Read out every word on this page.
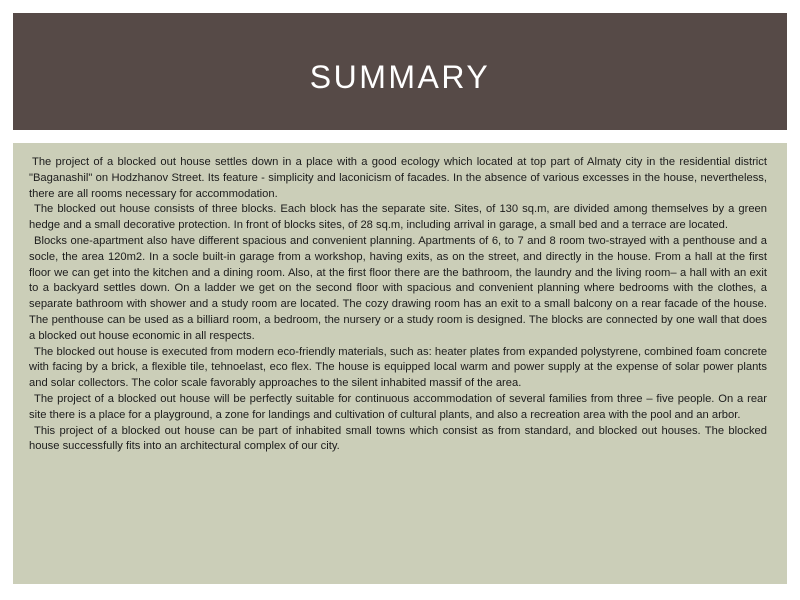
SUMMARY

The project of a blocked out house settles down in a place with a good ecology which located at top part of Almaty city in the residential district "Baganashil" on Hodzhanov Street. Its feature - simplicity and laconicism of facades. In the absence of various excesses in the house, nevertheless, there are all rooms necessary for accommodation.

The blocked out house consists of three blocks. Each block has the separate site. Sites, of 130 sq.m, are divided among themselves by a green hedge and a small decorative protection. In front of blocks sites, of 28 sq.m, including arrival in garage, a small bed and a terrace are located.

Blocks one-apartment also have different spacious and convenient planning. Apartments of 6, to 7 and 8 room two-strayed with a penthouse and a socle, the area 120m2. In a socle built-in garage from a workshop, having exits, as on the street, and directly in the house. From a hall at the first floor we can get into the kitchen and a dining room. Also, at the first floor there are the bathroom, the laundry and the living room– a hall with an exit to a backyard settles down. On a ladder we get on the second floor with spacious and convenient planning where bedrooms with the clothes, a separate bathroom with shower and a study room are located. The cozy drawing room has an exit to a small balcony on a rear facade of the house. The penthouse can be used as a billiard room, a bedroom, the nursery or a study room is designed. The blocks are connected by one wall that does a blocked out house economic in all respects.

The blocked out house is executed from modern eco-friendly materials, such as: heater plates from expanded polystyrene, combined foam concrete with facing by a brick, a flexible tile, tehnoelast, eco flex. The house is equipped local warm and power supply at the expense of solar power plants and solar collectors. The color scale favorably approaches to the silent inhabited massif of the area.

The project of a blocked out house will be perfectly suitable for continuous accommodation of several families from three – five people. On a rear site there is a place for a playground, a zone for landings and cultivation of cultural plants, and also a recreation area with the pool and an arbor.

This project of a blocked out house can be part of inhabited small towns which consist as from standard, and blocked out houses. The blocked house successfully fits into an architectural complex of our city.
